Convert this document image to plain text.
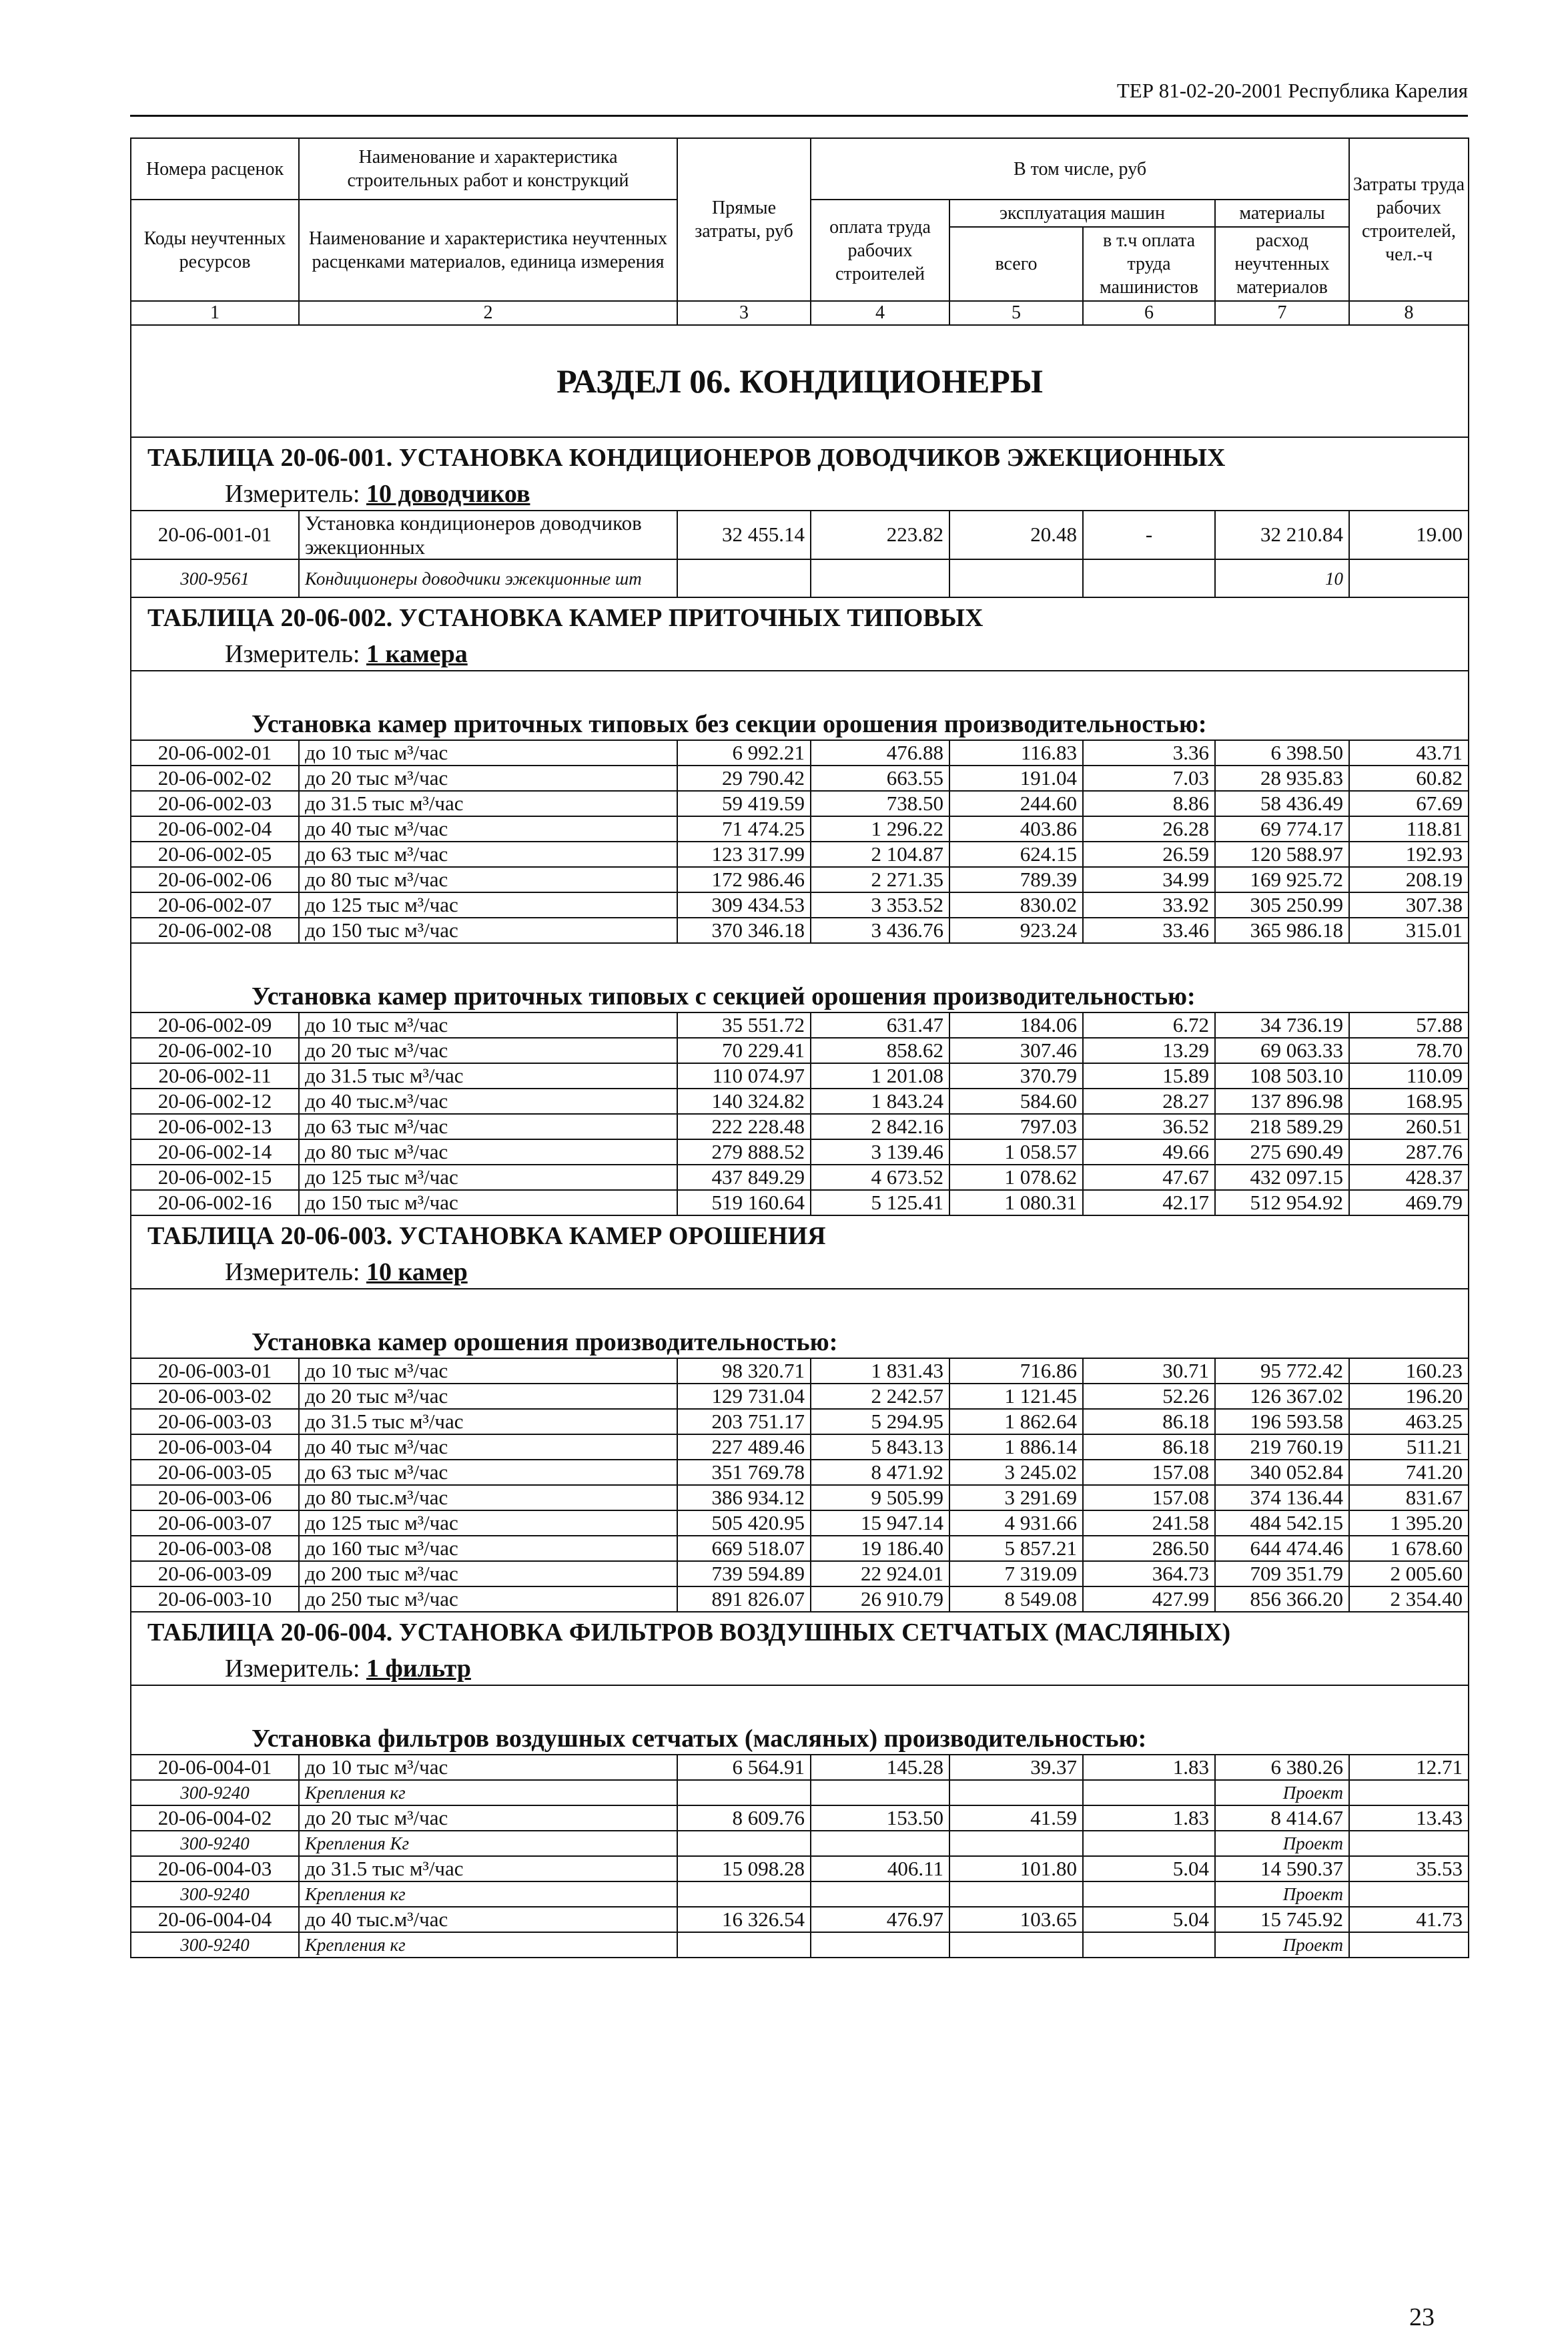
ТЕР 81-02-20-2001 Республика Карелия
Номера расценок	Наименование и характеристика строительных работ и конструкций	Прямые затраты, руб	В том числе, руб				Затраты труда рабочих строителей, чел.-ч
Коды неучтенных ресурсов	Наименование и характеристика неучтенных расценками материалов, единица измерения		оплата труда рабочих строителей	эксплуатация машин		материалы	
				всего	в т.ч оплата труда машинистов	расход неучтенных материалов	
1	2	3	4	5	6	7	8
РАЗДЕЛ 06. КОНДИЦИОНЕРЫ							
ТАБЛИЦА 20-06-001. УСТАНОВКА КОНДИЦИОНЕРОВ ДОВОДЧИКОВ ЭЖЕКЦИОННЫХ							
Измеритель: 10 доводчиков							
20-06-001-01	Установка кондиционеров доводчиков эжекционных	32 455.14	223.82	20.48	-	32 210.84	19.00
300-9561	Кондиционеры доводчики эжекционные шт					10	
ТАБЛИЦА 20-06-002. УСТАНОВКА КАМЕР ПРИТОЧНЫХ ТИПОВЫХ							
Измеритель: 1 камера							
Установка камер приточных типовых без секции орошения производительностью:							
20-06-002-01	до 10 тыс м³/час	6 992.21	476.88	116.83	3.36	6 398.50	43.71
20-06-002-02	до 20 тыс м³/час	29 790.42	663.55	191.04	7.03	28 935.83	60.82
20-06-002-03	до 31.5 тыс м³/час	59 419.59	738.50	244.60	8.86	58 436.49	67.69
20-06-002-04	до 40 тыс м³/час	71 474.25	1 296.22	403.86	26.28	69 774.17	118.81
20-06-002-05	до 63 тыс м³/час	123 317.99	2 104.87	624.15	26.59	120 588.97	192.93
20-06-002-06	до 80 тыс м³/час	172 986.46	2 271.35	789.39	34.99	169 925.72	208.19
20-06-002-07	до 125 тыс м³/час	309 434.53	3 353.52	830.02	33.92	305 250.99	307.38
20-06-002-08	до 150 тыс м³/час	370 346.18	3 436.76	923.24	33.46	365 986.18	315.01
Установка камер приточных типовых с секцией орошения производительностью:							
20-06-002-09	до 10 тыс м³/час	35 551.72	631.47	184.06	6.72	34 736.19	57.88
20-06-002-10	до 20 тыс м³/час	70 229.41	858.62	307.46	13.29	69 063.33	78.70
20-06-002-11	до 31.5 тыс м³/час	110 074.97	1 201.08	370.79	15.89	108 503.10	110.09
20-06-002-12	до 40 тыс.м³/час	140 324.82	1 843.24	584.60	28.27	137 896.98	168.95
20-06-002-13	до 63 тыс м³/час	222 228.48	2 842.16	797.03	36.52	218 589.29	260.51
20-06-002-14	до 80 тыс м³/час	279 888.52	3 139.46	1 058.57	49.66	275 690.49	287.76
20-06-002-15	до 125 тыс м³/час	437 849.29	4 673.52	1 078.62	47.67	432 097.15	428.37
20-06-002-16	до 150 тыс м³/час	519 160.64	5 125.41	1 080.31	42.17	512 954.92	469.79
ТАБЛИЦА 20-06-003. УСТАНОВКА КАМЕР ОРОШЕНИЯ							
Измеритель: 10 камер							
Установка камер орошения производительностью:							
20-06-003-01	до 10 тыс м³/час	98 320.71	1 831.43	716.86	30.71	95 772.42	160.23
20-06-003-02	до 20 тыс м³/час	129 731.04	2 242.57	1 121.45	52.26	126 367.02	196.20
20-06-003-03	до 31.5 тыс м³/час	203 751.17	5 294.95	1 862.64	86.18	196 593.58	463.25
20-06-003-04	до 40 тыс м³/час	227 489.46	5 843.13	1 886.14	86.18	219 760.19	511.21
20-06-003-05	до 63 тыс м³/час	351 769.78	8 471.92	3 245.02	157.08	340 052.84	741.20
20-06-003-06	до 80 тыс.м³/час	386 934.12	9 505.99	3 291.69	157.08	374 136.44	831.67
20-06-003-07	до 125 тыс м³/час	505 420.95	15 947.14	4 931.66	241.58	484 542.15	1 395.20
20-06-003-08	до 160 тыс м³/час	669 518.07	19 186.40	5 857.21	286.50	644 474.46	1 678.60
20-06-003-09	до 200 тыс м³/час	739 594.89	22 924.01	7 319.09	364.73	709 351.79	2 005.60
20-06-003-10	до 250 тыс м³/час	891 826.07	26 910.79	8 549.08	427.99	856 366.20	2 354.40
ТАБЛИЦА 20-06-004. УСТАНОВКА ФИЛЬТРОВ ВОЗДУШНЫХ СЕТЧАТЫХ (МАСЛЯНЫХ)							
Измеритель: 1 фильтр							
Установка фильтров воздушных сетчатых (масляных) производительностью:							
20-06-004-01	до 10 тыс м³/час	6 564.91	145.28	39.37	1.83	6 380.26	12.71
300-9240	Крепления кг					Проект	
20-06-004-02	до 20 тыс м³/час	8 609.76	153.50	41.59	1.83	8 414.67	13.43
300-9240	Крепления Кг					Проект	
20-06-004-03	до 31.5 тыс м³/час	15 098.28	406.11	101.80	5.04	14 590.37	35.53
300-9240	Крепления кг					Проект	
20-06-004-04	до 40 тыс.м³/час	16 326.54	476.97	103.65	5.04	15 745.92	41.73
300-9240	Крепления кг					Проект	
23
